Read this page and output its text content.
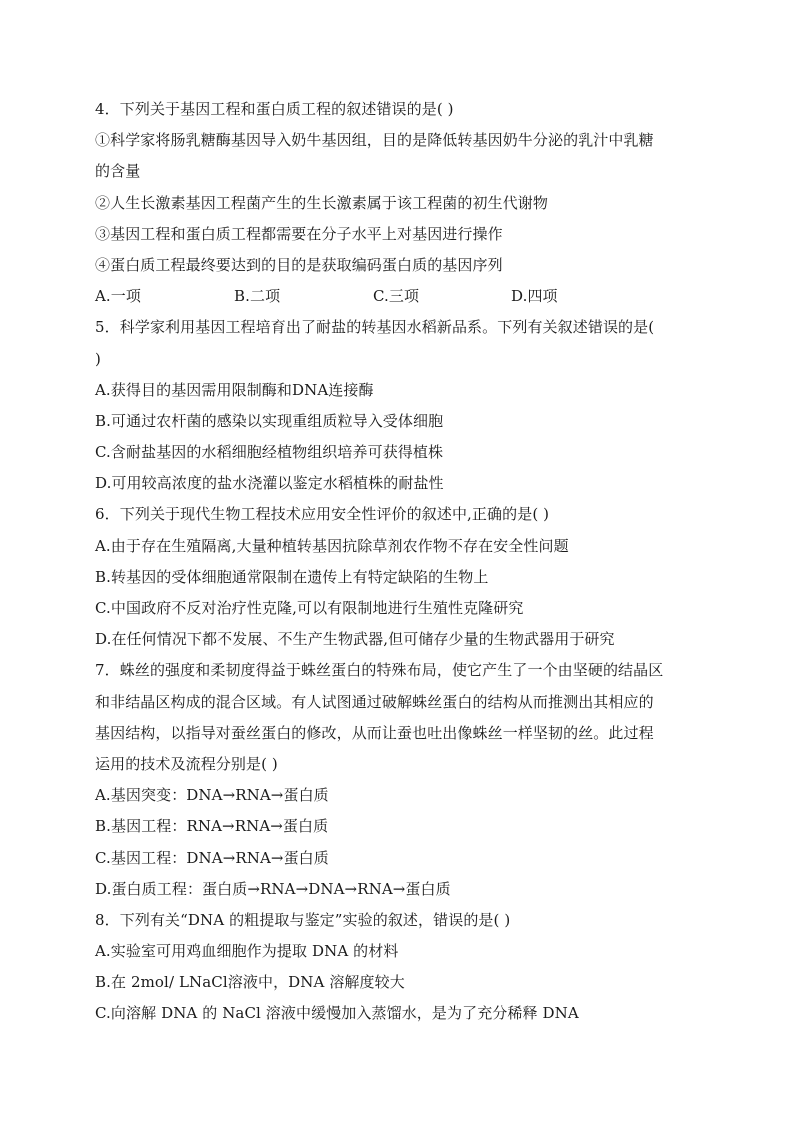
4．下列关于基因工程和蛋白质工程的叙述错误的是( )
①科学家将肠乳糖酶基因导入奶牛基因组，目的是降低转基因奶牛分泌的乳汁中乳糖
的含量
②人生长激素基因工程菌产生的生长激素属于该工程菌的初生代谢物
③基因工程和蛋白质工程都需要在分子水平上对基因进行操作
④蛋白质工程最终要达到的目的是获取编码蛋白质的基因序列
A.一项	B.二项	C.三项	D.四项
5．科学家利用基因工程培育出了耐盐的转基因水稻新品系。下列有关叙述错误的是(
)
A.获得目的基因需用限制酶和DNA连接酶
B.可通过农杆菌的感染以实现重组质粒导入受体细胞
C.含耐盐基因的水稻细胞经植物组织培养可获得植株
D.可用较高浓度的盐水浇灌以鉴定水稻植株的耐盐性
6．下列关于现代生物工程技术应用安全性评价的叙述中,正确的是( )
A.由于存在生殖隔离,大量种植转基因抗除草剂农作物不存在安全性问题
B.转基因的受体细胞通常限制在遗传上有特定缺陷的生物上
C.中国政府不反对治疗性克隆,可以有限制地进行生殖性克隆研究
D.在任何情况下都不发展、不生产生物武器,但可储存少量的生物武器用于研究
7．蛛丝的强度和柔韧度得益于蛛丝蛋白的特殊布局，使它产生了一个由坚硬的结晶区
和非结晶区构成的混合区域。有人试图通过破解蛛丝蛋白的结构从而推测出其相应的
基因结构，以指导对蚕丝蛋白的修改，从而让蚕也吐出像蛛丝一样坚韧的丝。此过程
运用的技术及流程分别是( )
A.基因突变：DNA→RNA→蛋白质
B.基因工程：RNA→RNA→蛋白质
C.基因工程：DNA→RNA→蛋白质
D.蛋白质工程：蛋白质→RNA→DNA→RNA→蛋白质
8．下列有关“DNA 的粗提取与鉴定”实验的叙述，错误的是( )
A.实验室可用鸡血细胞作为提取 DNA 的材料
B.在 2mol/ LNaCl溶液中，DNA 溶解度较大
C.向溶解 DNA 的 NaCl 溶液中缓慢加入蒸馏水，是为了充分稀释 DNA
